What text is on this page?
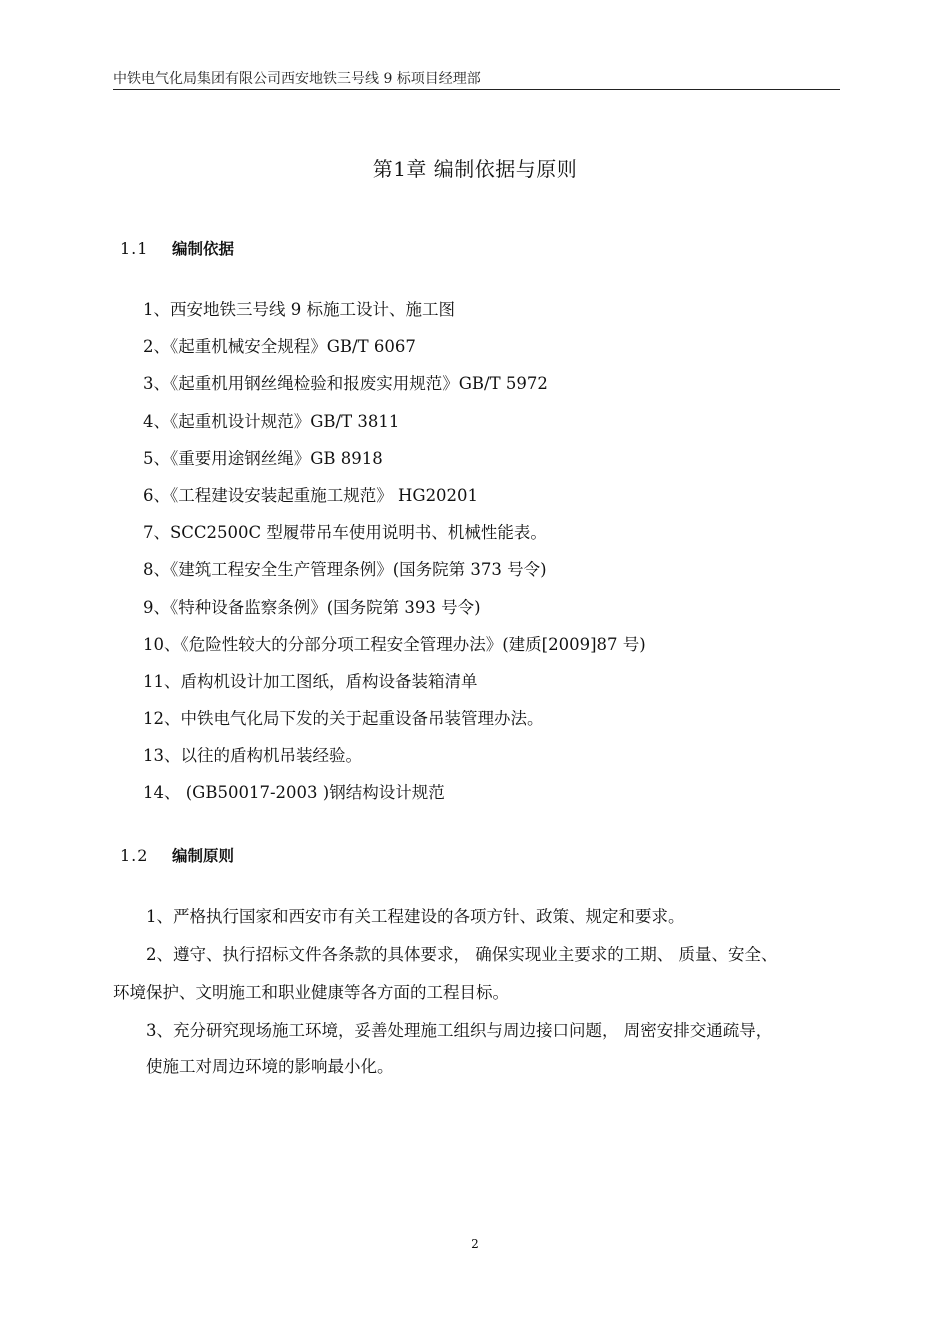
中铁电气化局集团有限公司西安地铁三号线 9 标项目经理部
第1章 编制依据与原则
1.1 编制依据
1、西安地铁三号线 9 标施工设计、施工图
2、《起重机械安全规程》GB/T 6067
3、《起重机用钢丝绳检验和报废实用规范》GB/T 5972
4、《起重机设计规范》GB/T 3811
5、《重要用途钢丝绳》GB 8918
6、《工程建设安装起重施工规范》 HG20201
7、SCC2500C 型履带吊车使用说明书、机械性能表。
8、《建筑工程安全生产管理条例》(国务院第 373 号令)
9、《特种设备监察条例》(国务院第 393 号令)
10、《危险性较大的分部分项工程安全管理办法》(建质[2009]87 号)
11、盾构机设计加工图纸，盾构设备装箱清单
12、中铁电气化局下发的关于起重设备吊装管理办法。
13、以往的盾构机吊装经验。
14、 (GB50017-2003 )钢结构设计规范
1.2 编制原则
1、严格执行国家和西安市有关工程建设的各项方针、政策、规定和要求。
2、遵守、执行招标文件各条款的具体要求， 确保实现业主要求的工期、 质量、安全、
环境保护、文明施工和职业健康等各方面的工程目标。
3、充分研究现场施工环境，妥善处理施工组织与周边接口问题， 周密安排交通疏导，
使施工对周边环境的影响最小化。
2
